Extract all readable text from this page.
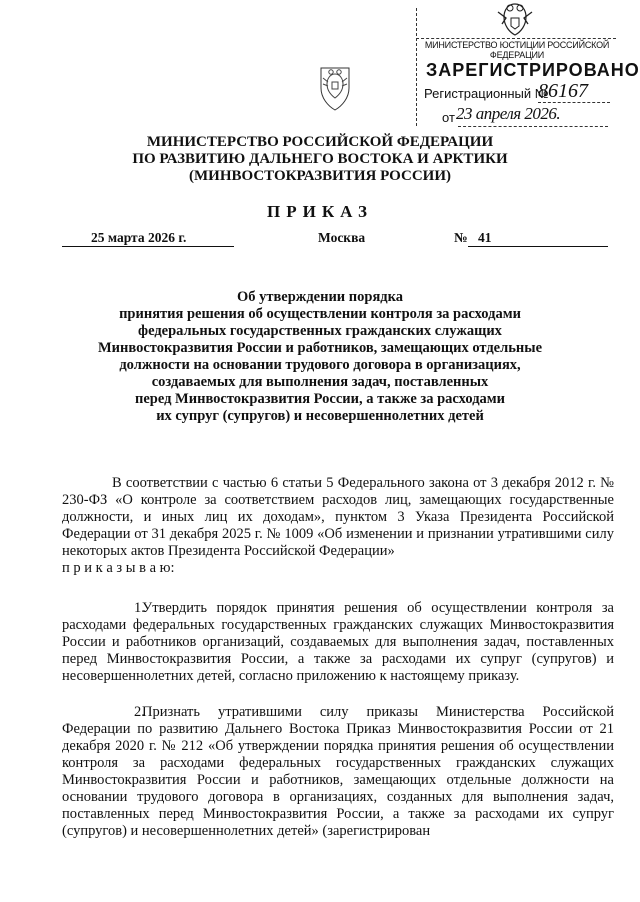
МИНИСТЕРСТВО ЮСТИЦИИ РОССИЙСКОЙ ФЕДЕРАЦИИ
ЗАРЕГИСТРИРОВАНО
Регистрационный №
86167
от 23 апреля 2026.
МИНИСТЕРСТВО РОССИЙСКОЙ ФЕДЕРАЦИИ
ПО РАЗВИТИЮ ДАЛЬНЕГО ВОСТОКА И АРКТИКИ
(МИНВОСТОКРАЗВИТИЯ РОССИИ)
ПРИКАЗ
25 марта 2026 г.	Москва	№ 41
Об утверждении порядка
принятия решения об осуществлении контроля за расходами
федеральных государственных гражданских служащих
Минвостокразвития России и работников, замещающих отдельные
должности на основании трудового договора в организациях,
создаваемых для выполнения задач, поставленных
перед Минвостокразвития России, а также за расходами
их супруг (супругов) и несовершеннолетних детей

В соответствии с частью 6 статьи 5 Федерального закона от 3 декабря 2012 г. № 230-ФЗ «О контроле за соответствием расходов лиц, замещающих государственные должности, и иных лиц их доходам», пунктом 3 Указа Президента Российской Федерации от 31 декабря 2025 г. № 1009 «Об изменении и признании утратившими силу некоторых актов Президента Российской Федерации»

п р и к а з ы в а ю:

1.Утвердить порядок принятия решения об осуществлении контроля за расходами федеральных государственных гражданских служащих Минвостокразвития России и работников организаций, создаваемых для выполнения задач, поставленных перед Минвостокразвития России, а также за расходами их супруг (супругов) и несовершеннолетних детей, согласно приложению к настоящему приказу.

2.Признать утратившими силу приказы Министерства Российской Федерации по развитию Дальнего Востока Приказ Минвостокразвития России от 21 декабря 2020 г. № 212 «Об утверждении порядка принятия решения об осуществлении контроля за расходами федеральных государственных гражданских служащих Минвостокразвития России и работников, замещающих отдельные должности на основании трудового договора в организациях, созданных для выполнения задач, поставленных перед Минвостокразвития России, а также за расходами их супруг (супругов) и несовершеннолетних детей» (зарегистрирован
